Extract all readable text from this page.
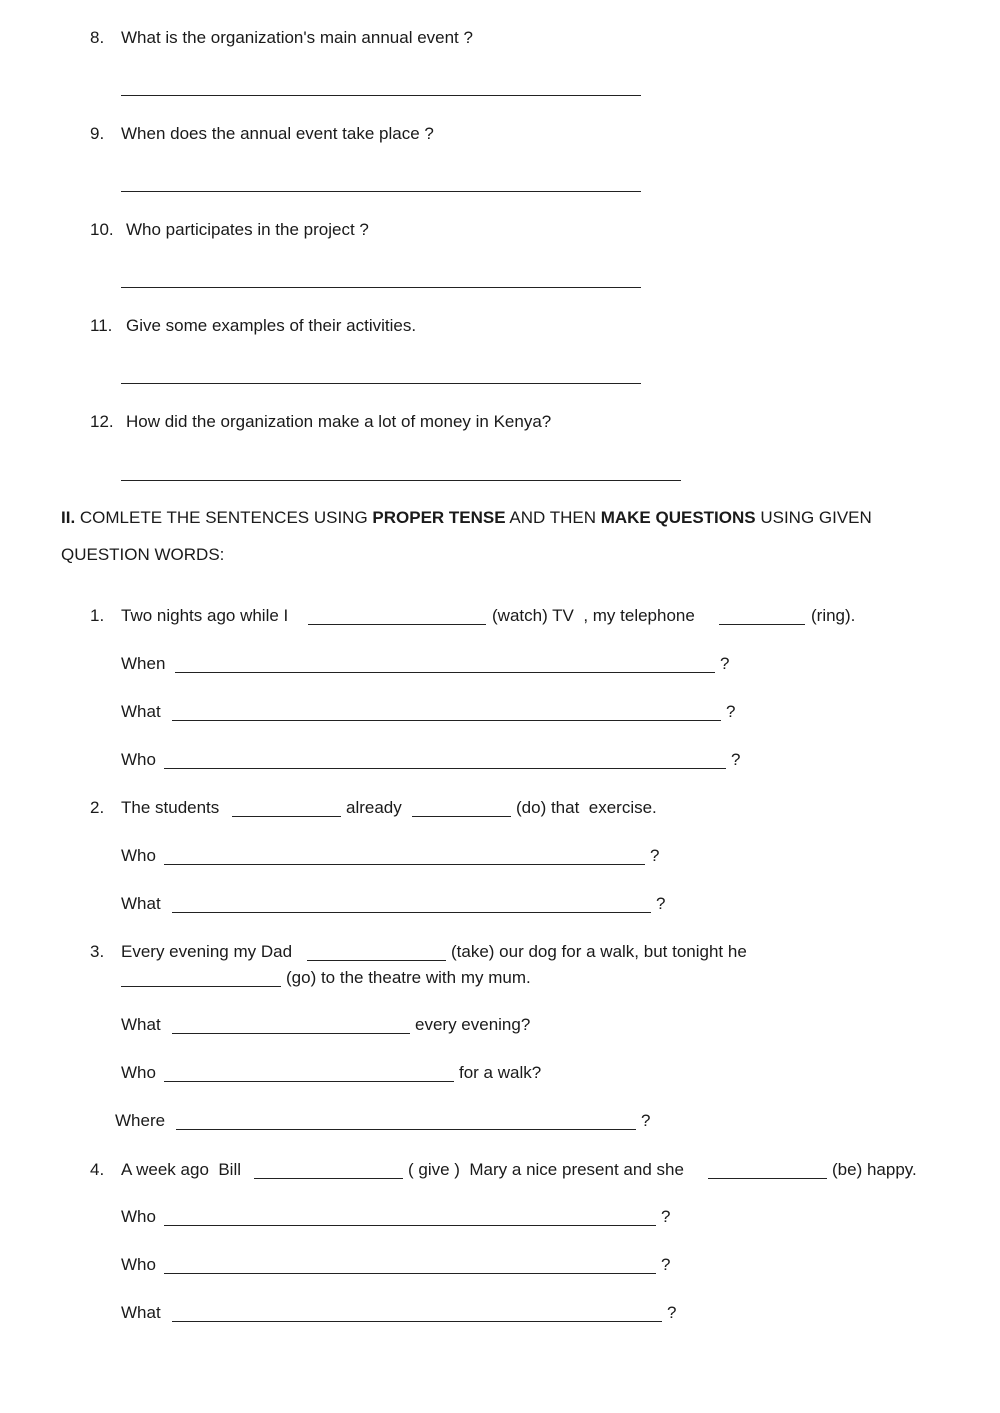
8. What is the organization's main annual event ?
9. When does the annual event take place ?
10. Who participates in the project ?
11. Give some examples of their activities.
12. How did the organization make a lot of money in Kenya?
II. COMLETE THE SENTENCES USING PROPER TENSE AND THEN MAKE QUESTIONS USING GIVEN
QUESTION WORDS:
1. Two nights ago while I	(watch) TV  , my telephone	(ring).
When	?
What	?
Who	?
2. The students	already	(do) that  exercise.
Who	?
What	?
3. Every evening my Dad	(take) our dog for a walk, but tonight he
(go) to the theatre with my mum.
What	every evening?
Who	for a walk?
Where	?
4. A week ago  Bill	( give )  Mary a nice present and she	(be) happy.
Who	?
Who	?
What	?
